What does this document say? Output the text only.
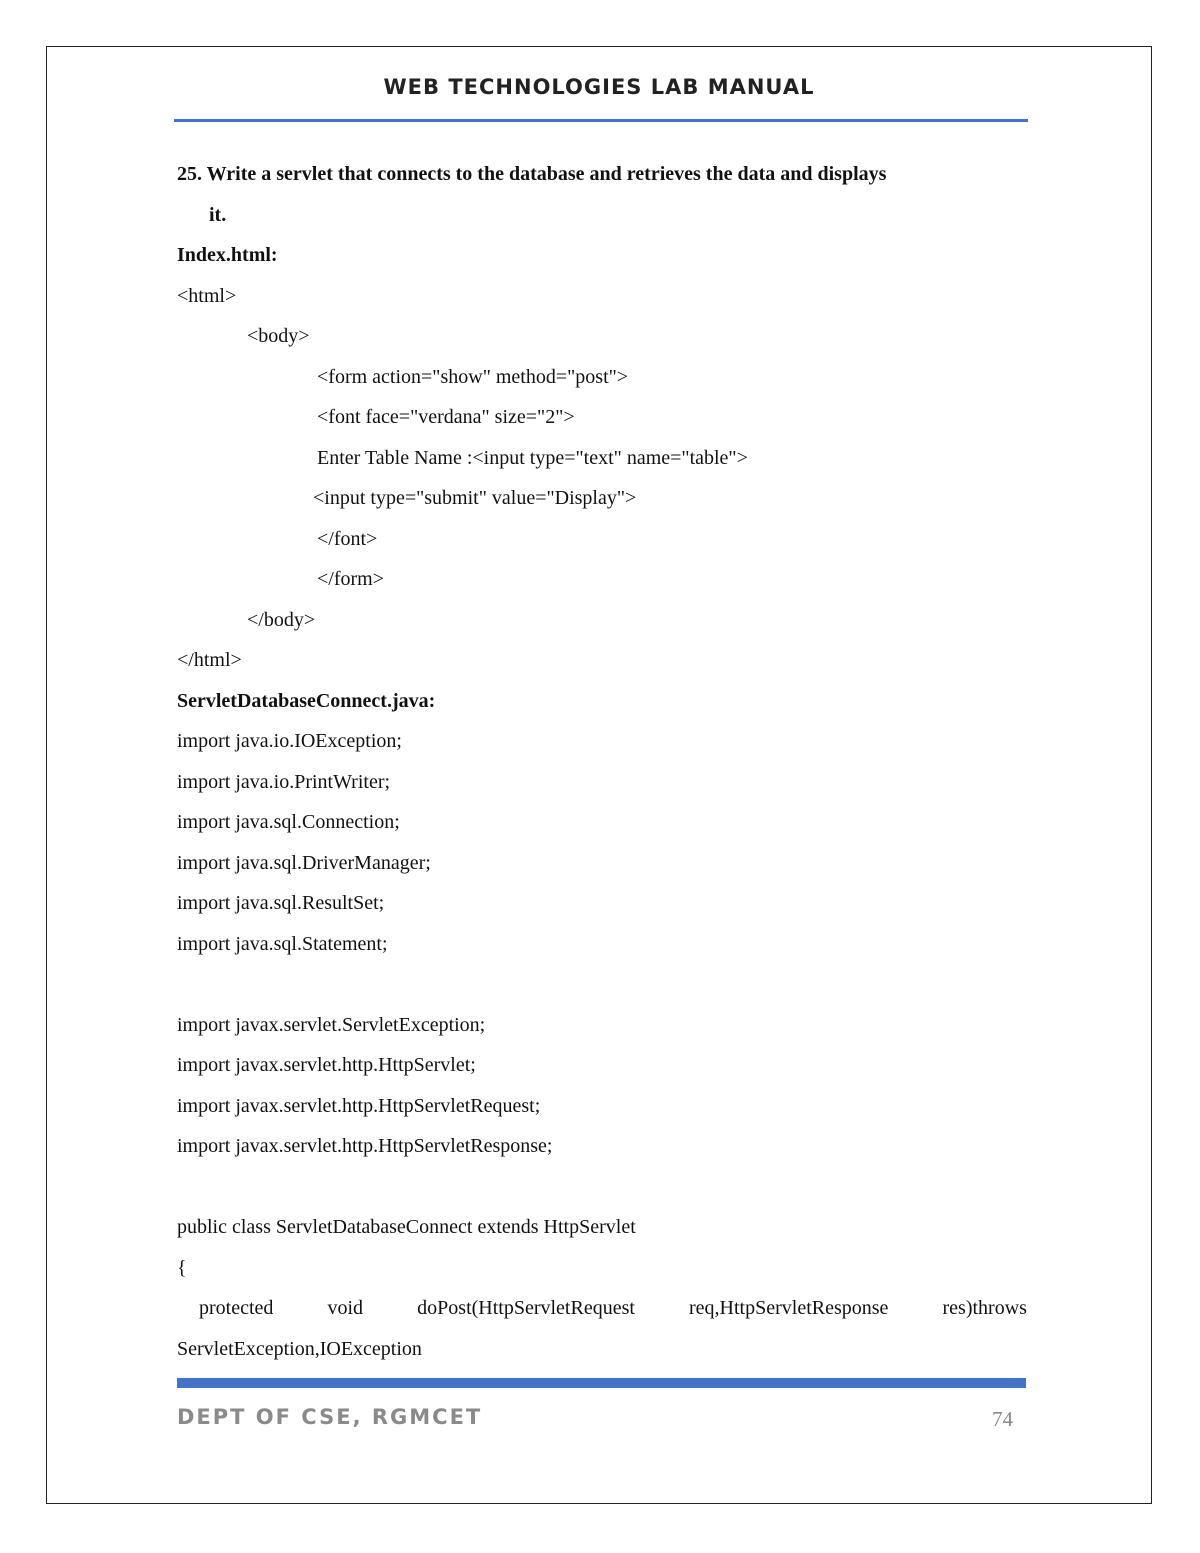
WEB TECHNOLOGIES LAB MANUAL
25. Write a servlet that connects to the database and retrieves the data and displays
it.
Index.html:
<html>
<body>
<form action="show" method="post">
<font face="verdana" size="2">
Enter Table Name :<input type="text" name="table">
<input type="submit" value="Display">
</font>
</form>
</body>
</html>
ServletDatabaseConnect.java:
import java.io.IOException;
import java.io.PrintWriter;
import java.sql.Connection;
import java.sql.DriverManager;
import java.sql.ResultSet;
import java.sql.Statement;
import javax.servlet.ServletException;
import javax.servlet.http.HttpServlet;
import javax.servlet.http.HttpServletRequest;
import javax.servlet.http.HttpServletResponse;
public class ServletDatabaseConnect extends HttpServlet
{
protected	void	doPost(HttpServletRequest	req,HttpServletResponse	res)throws
ServletException,IOException
DEPT OF CSE, RGMCET	74
